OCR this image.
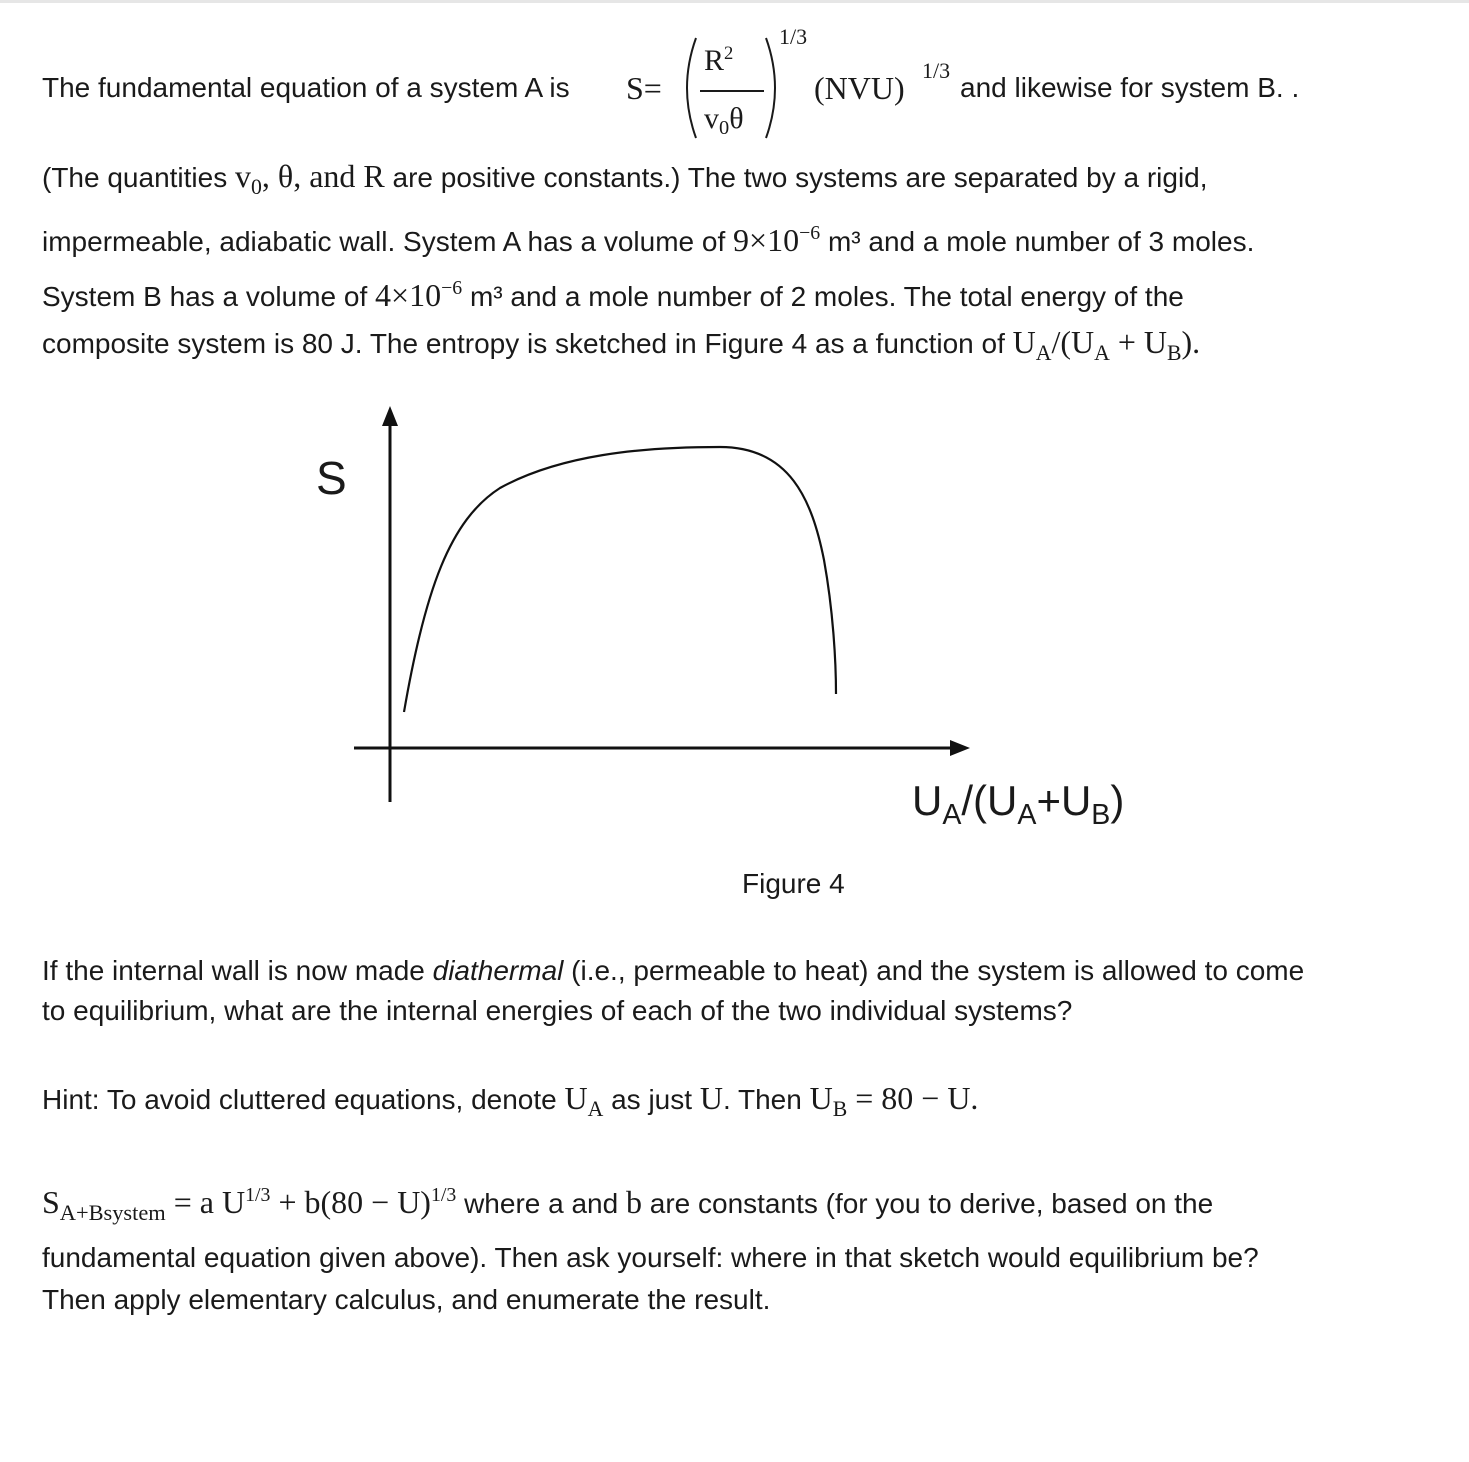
The fundamental equation of a system A is S=
$R^2$
$v_0\theta$
1/3
(NVU) 1/3
and likewise for system B. .
(The quantities $v_0$, θ, and R are positive constants.) The two systems are separated by a rigid,
impermeable, adiabatic wall. System A has a volume of $9\times 10^{-6}$ m³ and a mole number of 3 moles.
System B has a volume of $4\times 10^{-6}$ m³ and a mole number of 2 moles. The total energy of the
composite system is 80 J. The entropy is sketched in Figure 4 as a function of $U_A/(U_A + U_B)$.
S
$U_A/(U_A+U_B)$
Figure 4
If the internal wall is now made diathermal (i.e., permeable to heat) and the system is allowed to come
to equilibrium, what are the internal energies of each of the two individual systems?
Hint: To avoid cluttered equations, denote $U_A$ as just U. Then $U_B = 80 - U$.
$S_{A+Bsystem} = a$ $U^{1/3} + b(80 - U)^{1/3}$ where a and b are constants (for you to derive, based on the
fundamental equation given above). Then ask yourself: where in that sketch would equilibrium be?
Then apply elementary calculus, and enumerate the result.
